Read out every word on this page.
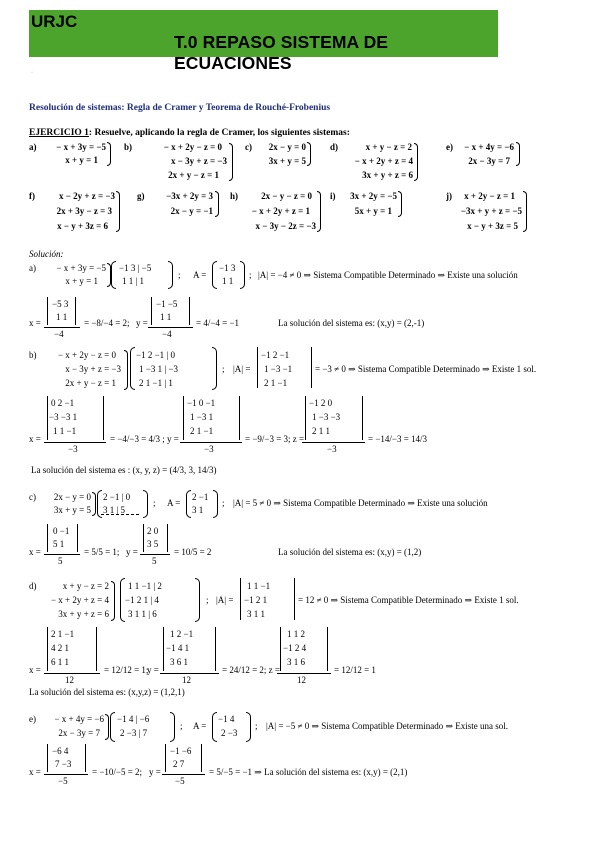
URJC
T.0 REPASO SISTEMA DE ECUACIONES
·
Resolución de sistemas: Regla de Cramer y Teorema de Rouché-Frobenius
EJERCICIO 1: Resuelve, aplicando la regla de Cramer, los siguientes sistemas:
a)	− x + 3y = −5
x + y = 1
b)	− x + 2y − z = 0
x − 3y + z = −3
2x + y − z = 1
c)	2x − y = 0
3x + y = 5
d)	x + y − z = 2
− x + 2y + z = 4
3x + y + z = 6
e)	− x + 4y = −6
2x − 3y = 7
f)	x − 2y + z = −3
2x + 3y − z = 3
x − y + 3z = 6
g)	−3x + 2y = 3
2x − y = −1
h)	2x − y − z = 0
− x + 2y + z = 1
x − 3y − 2z = −3
i)	3x + 2y = −5
5x + y = 1
j)	x + 2y − z = 1
−3x + y + z = −5
x − y + 3z = 5
Solución:
a)	− x + 3y = −5
x + y = 1
−1 3 | −5
1 1 | 1
; A =
−1 3
1 1
; |A| = −4 ≠ 0 ⇒ Sistema Compatible Determinado ⇒ Existe una solución
x =
−5 3
1 1
−4
= −8/−4 = 2; y =
−1 −5
1 1
−4
= 4/−4 = −1	La solución del sistema es: (x,y) = (2,-1)
b)	− x + 2y − z = 0
x − 3y + z = −3
2x + y − z = 1
−1 2 −1 | 0
1 −3 1 | −3
2 1 −1 | 1
; |A| =
−1 2 −1
1 −3 −1
2 1 −1
= −3 ≠ 0 ⇒ Sistema Compatible Determinado ⇒ Existe 1 sol.
x =
0 2 −1
−3 −3 1
1 1 −1
−3
= −4/−3 = 4/3 ; y =
−1 0 −1
1 −3 1
2 1 −1
−3
= −9/−3 = 3; z =
−1 2 0
1 −3 −3
2 1 1
−3
= −14/−3 = 14/3
La solución del sistema es : (x, y, z) = (4/3, 3, 14/3)
c)	2x − y = 0
3x + y = 5
2 −1 | 0
3 1 | 5
; A =
2 −1
3 1
; |A| = 5 ≠ 0 ⇒ Sistema Compatible Determinado ⇒ Existe una solución
x =
0 −1
5 1
5
= 5/5 = 1; y =
2 0
3 5
5
= 10/5 = 2	La solución del sistema es: (x,y) = (1,2)
d)	x + y − z = 2
− x + 2y + z = 4
3x + y + z = 6
1 1 −1 | 2
−1 2 1 | 4
3 1 1 | 6
; |A| =
1 1 −1
−1 2 1
3 1 1
= 12 ≠ 0 ⇒ Sistema Compatible Determinado ⇒ Existe 1 sol.
x =
2 1 −1
4 2 1
6 1 1
12
= 12/12 = 1;
y =
1 2 −1
−1 4 1
3 6 1
12
= 24/12 = 2; z =
1 1 2
−1 2 4
3 1 6
12
= 12/12 = 1
La solución del sistema es: (x,y,z) = (1,2,1)
e)	− x + 4y = −6
2x − 3y = 7
−1 4 | −6
2 −3 | 7
; A =
−1 4
2 −3
; |A| = −5 ≠ 0 ⇒ Sistema Compatible Determinado ⇒ Existe una sol.
x =
−6 4
7 −3
−5
= −10/−5 = 2; y =
−1 −6
2 7
−5
= 5/−5 = −1 ⇒ La solución del sistema es: (x,y) = (2,1)
